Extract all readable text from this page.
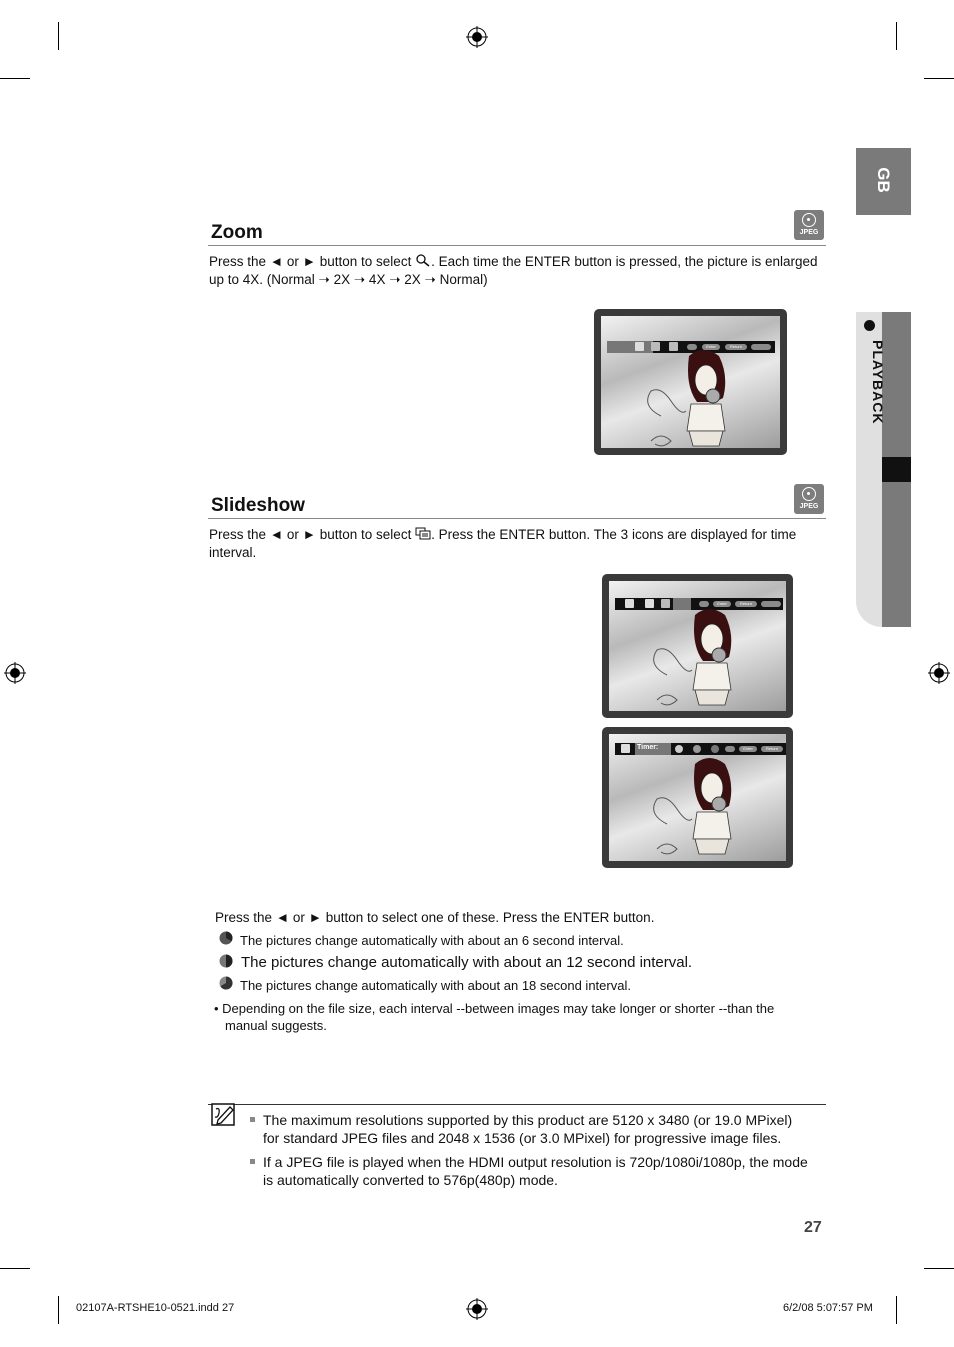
GB
PLAYBACK
Zoom	JPEG
Press the ◄ or ► button to select . Each time the ENTER button is pressed, the picture is enlarged up to 4X. (Normal ➝ 2X ➝ 4X ➝ 2X ➝ Normal)
Enter	Return
Slideshow	JPEG
Press the ◄ or ► button to select . Press the ENTER button. The 3 icons are displayed for time interval.
Enter	Return
Timer:	Enter	Return
Press the ◄ or ► button to select one of these. Press the ENTER button.
The pictures change automatically with about an 6 second interval.
The pictures change automatically with about an 12 second interval.
The pictures change automatically with about an 18 second interval.
• Depending on the file size, each interval --between images may take longer or shorter --than the
manual suggests.
The maximum resolutions supported by this product are 5120 x 3480 (or 19.0 MPixel)
for standard JPEG files and 2048 x 1536 (or 3.0 MPixel) for progressive image files.
If a JPEG file is played when the HDMI output resolution is 720p/1080i/1080p, the mode
is automatically converted to 576p(480p) mode.
27
02107A-RTSHE10-0521.indd 27	6/2/08 5:07:57 PM
